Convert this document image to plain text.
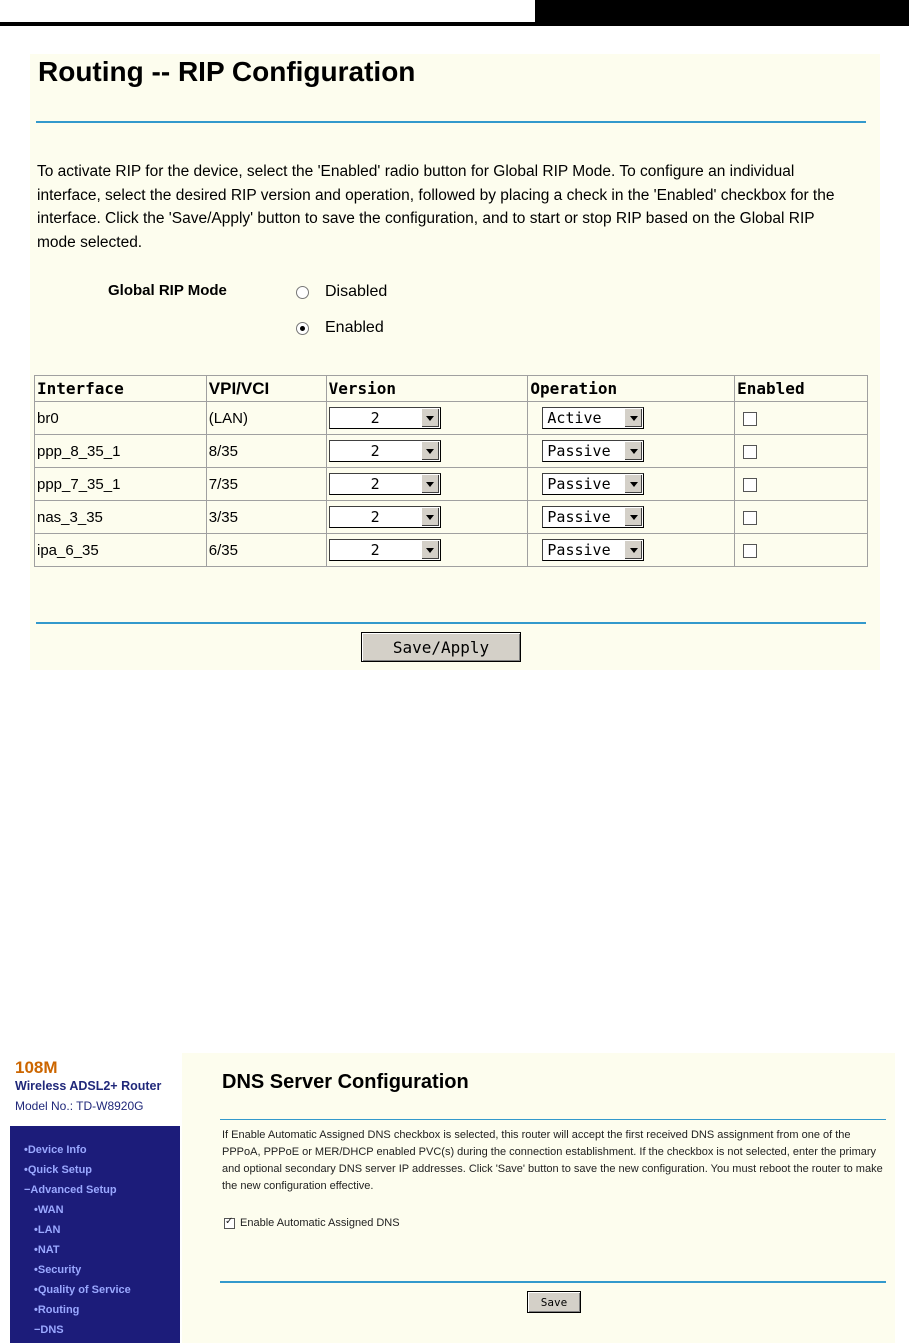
Routing -- RIP Configuration

To activate RIP for the device, select the 'Enabled' radio button for Global RIP Mode. To configure an individual interface, select the desired RIP version and operation, followed by placing a check in the 'Enabled' checkbox for the interface. Click the 'Save/Apply' button to save the configuration, and to start or stop RIP based on the Global RIP mode selected.

Global RIP Mode	Disabled
Enabled
Interface	VPI/VCI	Version	Operation	Enabled
br0	(LAN)	2	Active	

ppp_8_35_1	8/35	2	Passive	

ppp_7_35_1	7/35	2	Passive	

nas_3_35	3/35	2	Passive	

ipa_6_35	6/35	2	Passive	

Save/Apply
108M
Wireless ADSL2+ Router
Model No.: TD-W8920G
•Device Info
•Quick Setup
−Advanced Setup
•WAN
•LAN
•NAT
•Security
•Quality of Service
•Routing
−DNS
DNS Server Configuration

If Enable Automatic Assigned DNS checkbox is selected, this router will accept the first received DNS assignment from one of the PPPoA, PPPoE or MER/DHCP enabled PVC(s) during the connection establishment. If the checkbox is not selected, enter the primary and optional secondary DNS server IP addresses. Click 'Save' button to save the new configuration. You must reboot the router to make the new configuration effective.

✓
Enable Automatic Assigned DNS
Save
